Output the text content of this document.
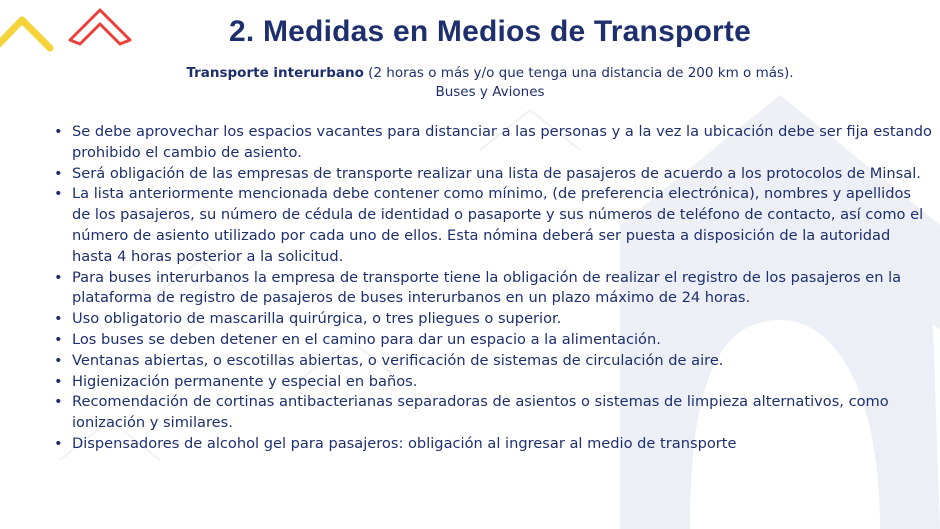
2. Medidas en Medios de Transporte

Transporte interurbano (2 horas o más y/o que tenga una distancia de 200 km o más).

Buses y Aviones

• Se debe aprovechar los espacios vacantes para distanciar a las personas y a la vez la ubicación debe ser fija estando prohibido el cambio de asiento.
• Será obligación de las empresas de transporte realizar una lista de pasajeros de acuerdo a los protocolos de Minsal.
• La lista anteriormente mencionada debe contener como mínimo, (de preferencia electrónica), nombres y apellidos de los pasajeros, su número de cédula de identidad o pasaporte y sus números de teléfono de contacto, así como el número de asiento utilizado por cada uno de ellos. Esta nómina deberá ser puesta a disposición de la autoridad hasta 4 horas posterior a la solicitud.
• Para buses interurbanos la empresa de transporte tiene la obligación de realizar el registro de los pasajeros en la plataforma de registro de pasajeros de buses interurbanos en un plazo máximo de 24 horas.
• Uso obligatorio de mascarilla quirúrgica, o tres pliegues o superior.
• Los buses se deben detener en el camino para dar un espacio a la alimentación.
• Ventanas abiertas, o escotillas abiertas, o verificación de sistemas de circulación de aire.
• Higienización permanente y especial en baños.
• Recomendación de cortinas antibacterianas separadoras de asientos o sistemas de limpieza alternativos, como ionización y similares.
• Dispensadores de alcohol gel para pasajeros: obligación al ingresar al medio de transporte
